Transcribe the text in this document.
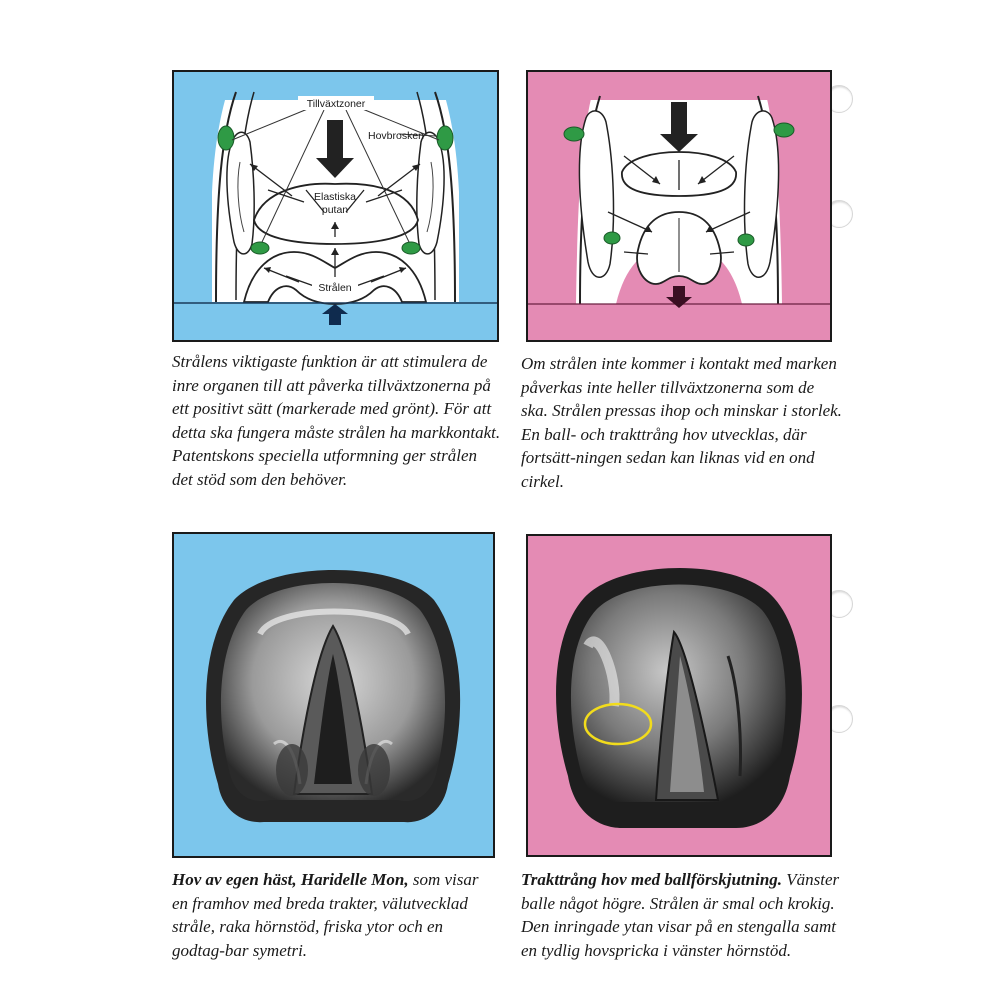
Tillväxtzoner
Hovbrosken
Elastiska
putan
Strålen
Strålens viktigaste funktion är att stimulera de inre organen till att påverka tillväxtzonerna på ett positivt sätt (markerade med grönt). För att detta ska fungera måste strålen ha markkontakt. Patentskons speciella utformning ger strålen det stöd som den behöver.
Om strålen inte kommer i kontakt med marken påverkas inte heller tillväxtzonerna som de ska. Strålen pressas ihop och minskar i storlek. En ball- och trakttrång hov utvecklas, där fortsätt-ningen sedan kan liknas vid en ond cirkel.
Hov av egen häst, Haridelle Mon, som visar en framhov med breda trakter, välutvecklad stråle, raka hörnstöd, friska ytor och en godtag-bar symetri.
Trakttrång hov med ballförskjutning. Vänster balle något högre. Strålen är smal och krokig. Den inringade ytan visar på en stengalla samt en tydlig hovspricka i vänster hörnstöd.
